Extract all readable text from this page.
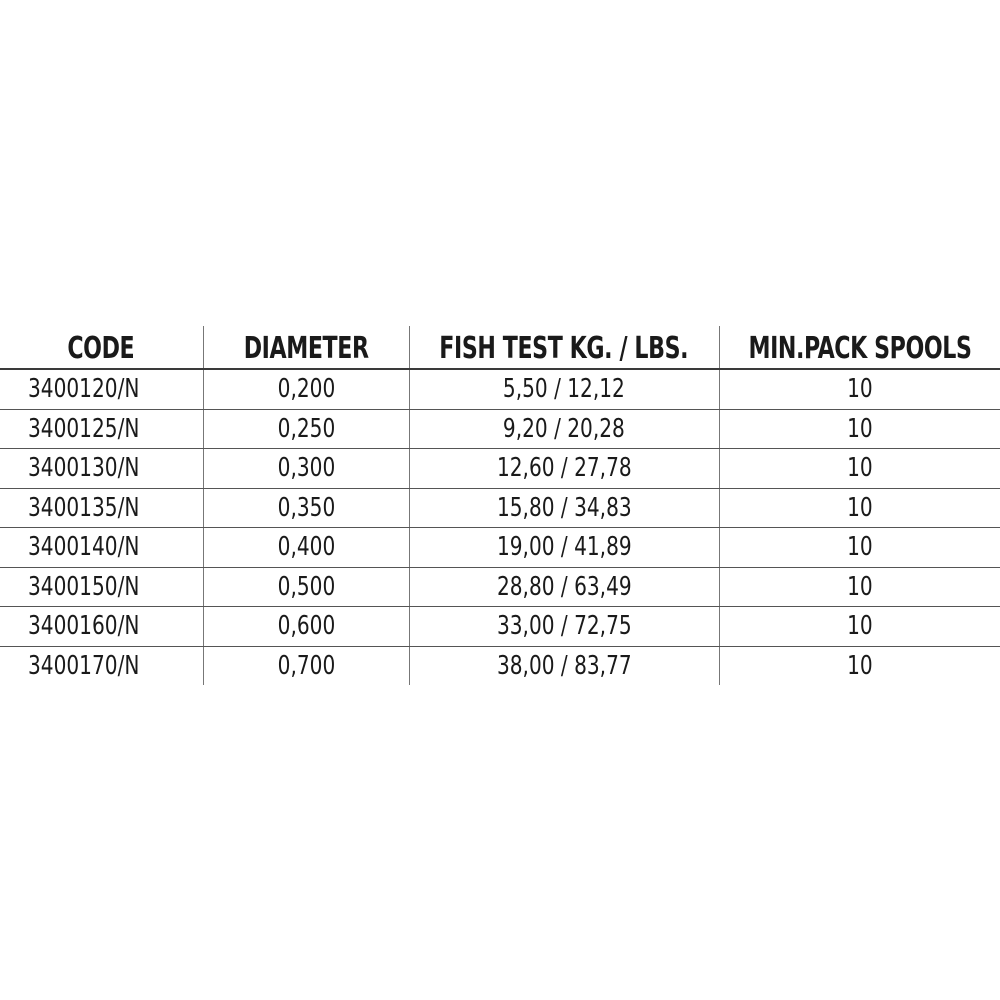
CODE	DIAMETER	FISH TEST KG. / LBS.	MIN.PACK SPOOLS
3400120/N	0,200	5,50 / 12,12	10
3400125/N	0,250	9,20 / 20,28	10
3400130/N	0,300	12,60 / 27,78	10
3400135/N	0,350	15,80 / 34,83	10
3400140/N	0,400	19,00 / 41,89	10
3400150/N	0,500	28,80 / 63,49	10
3400160/N	0,600	33,00 / 72,75	10
3400170/N	0,700	38,00 / 83,77	10
